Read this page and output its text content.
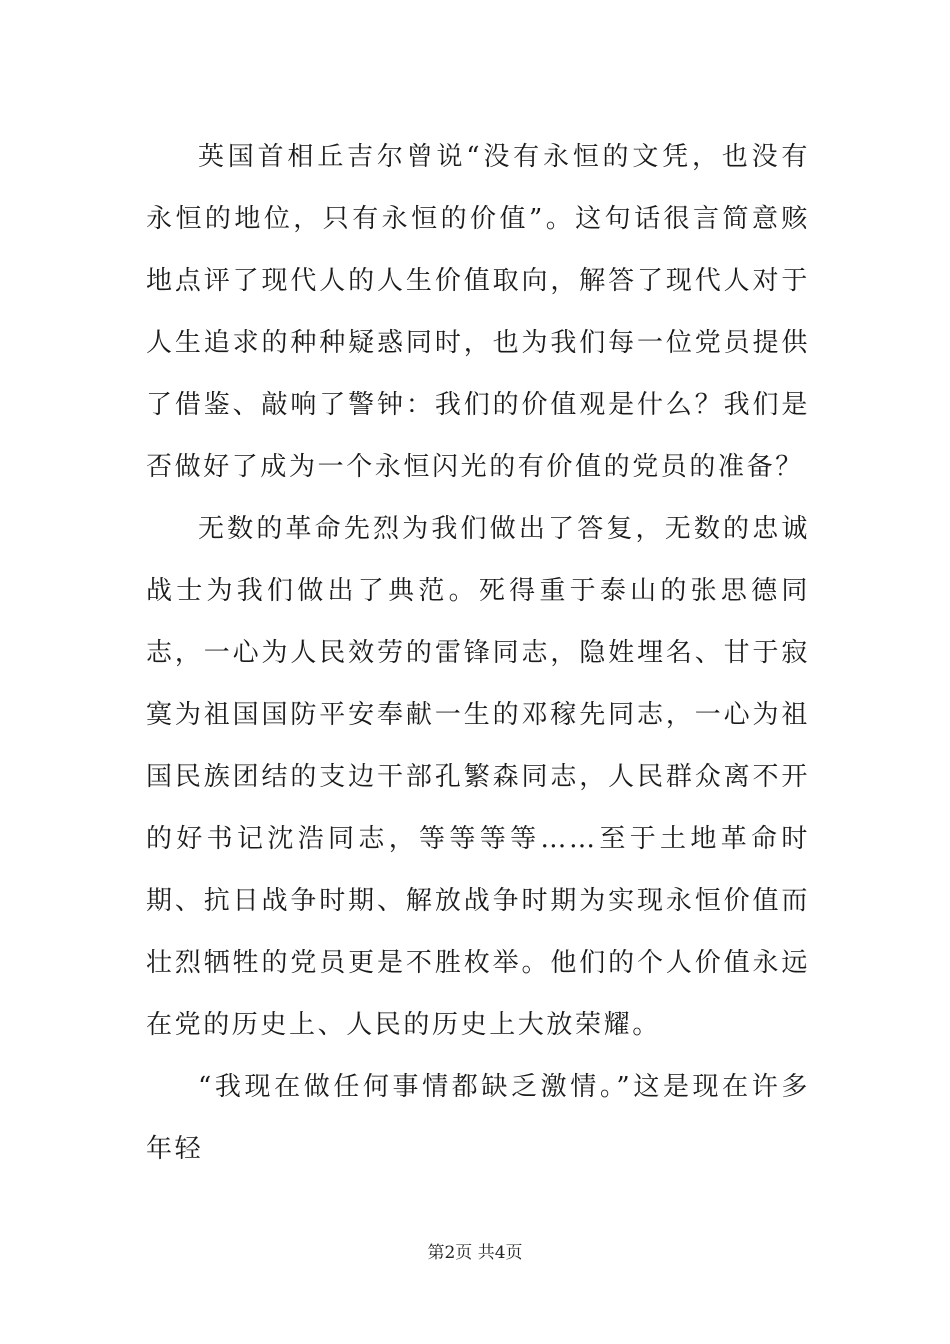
英国首相丘吉尔曾说“没有永恒的文凭，也没有永恒的地位，只有永恒的价值”。这句话很言简意赅地点评了现代人的人生价值取向，解答了现代人对于人生追求的种种疑惑同时，也为我们每一位党员提供了借鉴、敲响了警钟：我们的价值观是什么？我们是否做好了成为一个永恒闪光的有价值的党员的准备？

无数的革命先烈为我们做出了答复，无数的忠诚战士为我们做出了典范。死得重于泰山的张思德同志，一心为人民效劳的雷锋同志，隐姓埋名、甘于寂寞为祖国国防平安奉献一生的邓稼先同志，一心为祖国民族团结的支边干部孔繁森同志，人民群众离不开的好书记沈浩同志，等等等等……至于土地革命时期、抗日战争时期、解放战争时期为实现永恒价值而壮烈牺牲的党员更是不胜枚举。他们的个人价值永远在党的历史上、人民的历史上大放荣耀。

“我现在做任何事情都缺乏激情。”这是现在许多年轻

第2页 共4页
